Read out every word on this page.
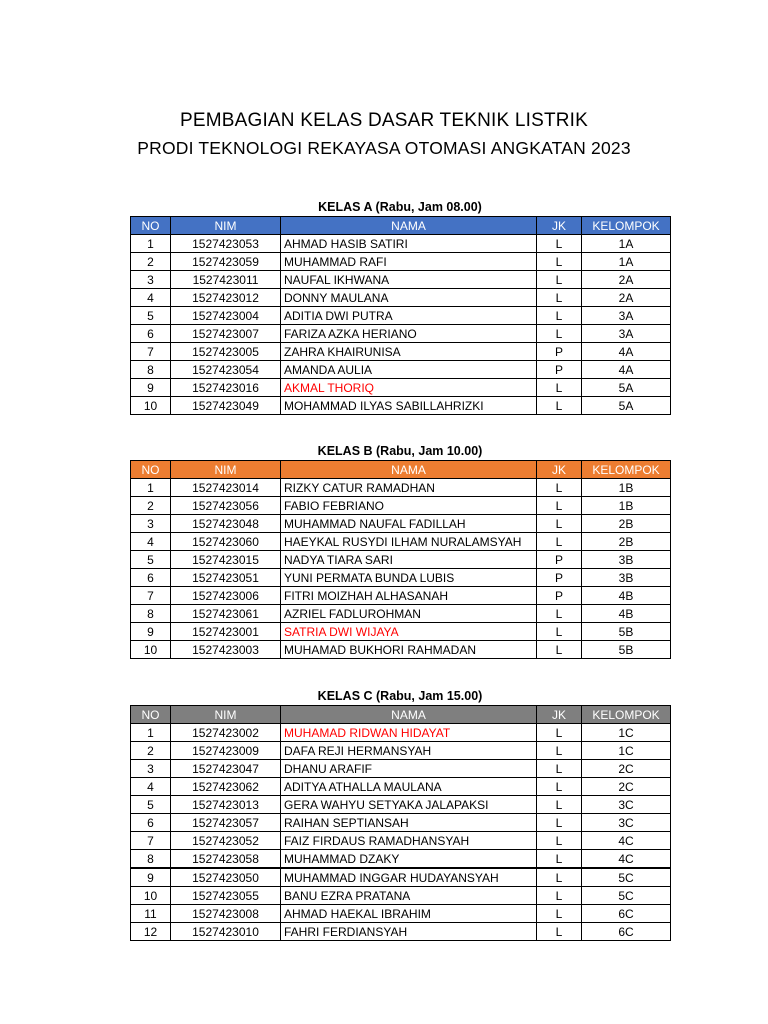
PEMBAGIAN KELAS DASAR TEKNIK LISTRIK
PRODI TEKNOLOGI REKAYASA OTOMASI ANGKATAN 2023
KELAS A (Rabu, Jam 08.00)
NO	NIM	NAMA	JK	KELOMPOK
1	1527423053	AHMAD HASIB SATIRI	L	1A
2	1527423059	MUHAMMAD RAFI	L	1A
3	1527423011	NAUFAL IKHWANA	L	2A
4	1527423012	DONNY MAULANA	L	2A
5	1527423004	ADITIA DWI PUTRA	L	3A
6	1527423007	FARIZA AZKA HERIANO	L	3A
7	1527423005	ZAHRA KHAIRUNISA	P	4A
8	1527423054	AMANDA AULIA	P	4A
9	1527423016	AKMAL THORIQ	L	5A
10	1527423049	MOHAMMAD ILYAS SABILLAHRIZKI	L	5A
KELAS B (Rabu, Jam 10.00)
NO	NIM	NAMA	JK	KELOMPOK
1	1527423014	RIZKY CATUR RAMADHAN	L	1B
2	1527423056	FABIO FEBRIANO	L	1B
3	1527423048	MUHAMMAD NAUFAL FADILLAH	L	2B
4	1527423060	HAEYKAL RUSYDI ILHAM NURALAMSYAH	L	2B
5	1527423015	NADYA TIARA SARI	P	3B
6	1527423051	YUNI PERMATA BUNDA LUBIS	P	3B
7	1527423006	FITRI MOIZHAH ALHASANAH	P	4B
8	1527423061	AZRIEL FADLUROHMAN	L	4B
9	1527423001	SATRIA DWI WIJAYA	L	5B
10	1527423003	MUHAMAD BUKHORI RAHMADAN	L	5B
KELAS C (Rabu, Jam 15.00)
NO	NIM	NAMA	JK	KELOMPOK
1	1527423002	MUHAMAD RIDWAN HIDAYAT	L	1C
2	1527423009	DAFA REJI HERMANSYAH	L	1C
3	1527423047	DHANU ARAFIF	L	2C
4	1527423062	ADITYA ATHALLA MAULANA	L	2C
5	1527423013	GERA WAHYU SETYAKA JALAPAKSI	L	3C
6	1527423057	RAIHAN SEPTIANSAH	L	3C
7	1527423052	FAIZ FIRDAUS RAMADHANSYAH	L	4C
8	1527423058	MUHAMMAD DZAKY	L	4C
9	1527423050	MUHAMMAD INGGAR HUDAYANSYAH	L	5C
10	1527423055	BANU EZRA PRATANA	L	5C
11	1527423008	AHMAD HAEKAL IBRAHIM	L	6C
12	1527423010	FAHRI FERDIANSYAH	L	6C
